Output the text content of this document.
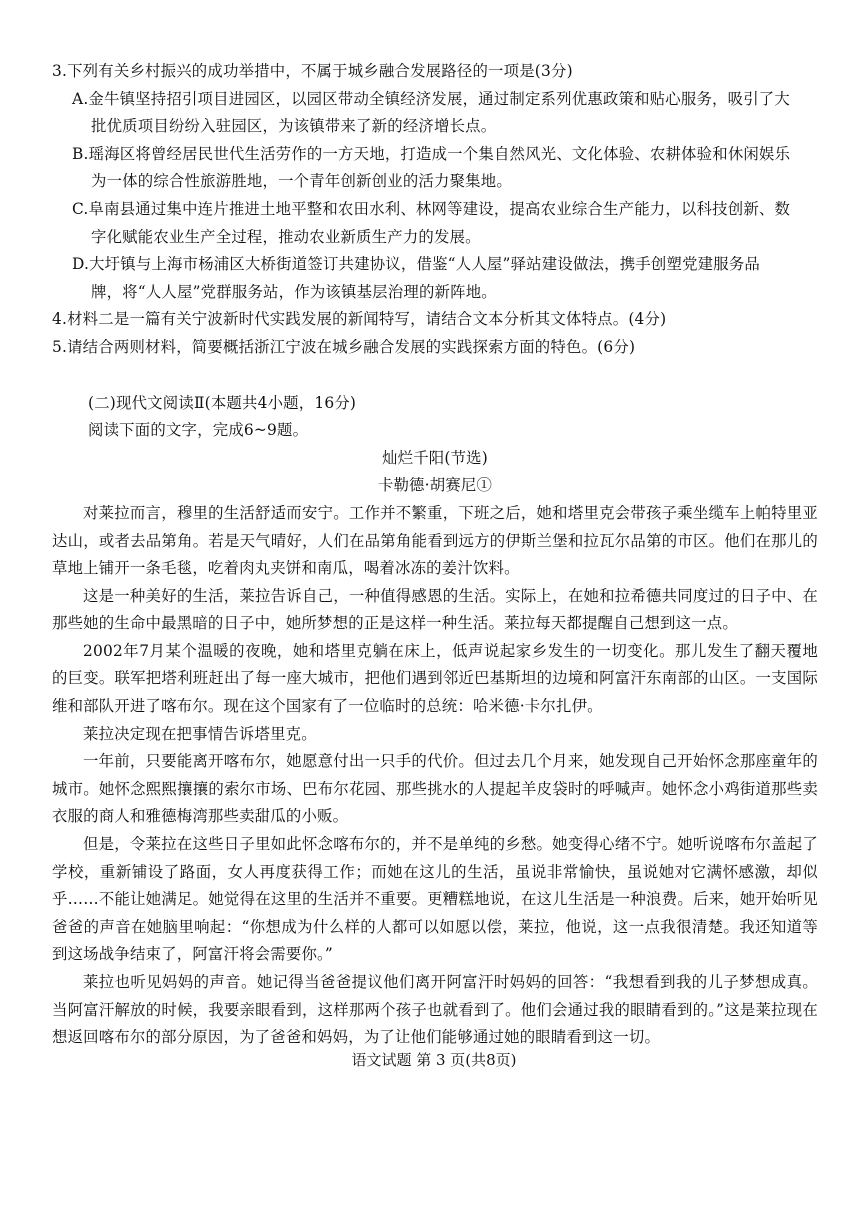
3.下列有关乡村振兴的成功举措中，不属于城乡融合发展路径的一项是(3分)
A.金牛镇坚持招引项目进园区，以园区带动全镇经济发展，通过制定系列优惠政策和贴心服务，吸引了大
批优质项目纷纷入驻园区，为该镇带来了新的经济增长点。
B.瑶海区将曾经居民世代生活劳作的一方天地，打造成一个集自然风光、文化体验、农耕体验和休闲娱乐
为一体的综合性旅游胜地，一个青年创新创业的活力聚集地。
C.阜南县通过集中连片推进土地平整和农田水利、林网等建设，提高农业综合生产能力，以科技创新、数
字化赋能农业生产全过程，推动农业新质生产力的发展。
D.大圩镇与上海市杨浦区大桥街道签订共建协议，借鉴“人人屋”驿站建设做法，携手创塑党建服务品
牌，将“人人屋”党群服务站，作为该镇基层治理的新阵地。
4.材料二是一篇有关宁波新时代实践发展的新闻特写，请结合文本分析其文体特点。(4分)
5.请结合两则材料，简要概括浙江宁波在城乡融合发展的实践探索方面的特色。(6分)
(二)现代文阅读Ⅱ(本题共4小题，16分)
阅读下面的文字，完成6~9题。
灿烂千阳(节选)
卡勒德·胡赛尼①

对莱拉而言，穆里的生活舒适而安宁。工作并不繁重，下班之后，她和塔里克会带孩子乘坐缆车上帕特里亚达山，或者去品第角。若是天气晴好，人们在品第角能看到远方的伊斯兰堡和拉瓦尔品第的市区。他们在那儿的草地上铺开一条毛毯，吃着肉丸夹饼和南瓜，喝着冰冻的姜汁饮料。

这是一种美好的生活，莱拉告诉自己，一种值得感恩的生活。实际上，在她和拉希德共同度过的日子中、在那些她的生命中最黑暗的日子中，她所梦想的正是这样一种生活。莱拉每天都提醒自己想到这一点。

2002年7月某个温暖的夜晚，她和塔里克躺在床上，低声说起家乡发生的一切变化。那儿发生了翻天覆地的巨变。联军把塔利班赶出了每一座大城市，把他们遇到邻近巴基斯坦的边境和阿富汗东南部的山区。一支国际维和部队开进了喀布尔。现在这个国家有了一位临时的总统：哈米德·卡尔扎伊。

莱拉决定现在把事情告诉塔里克。

一年前，只要能离开喀布尔，她愿意付出一只手的代价。但过去几个月来，她发现自己开始怀念那座童年的城市。她怀念熙熙攘攘的索尔市场、巴布尔花园、那些挑水的人提起羊皮袋时的呼喊声。她怀念小鸡街道那些卖衣服的商人和雅德梅湾那些卖甜瓜的小贩。

但是，令莱拉在这些日子里如此怀念喀布尔的，并不是单纯的乡愁。她变得心绪不宁。她听说喀布尔盖起了学校，重新铺设了路面，女人再度获得工作；而她在这儿的生活，虽说非常愉快，虽说她对它满怀感激，却似乎……不能让她满足。她觉得在这里的生活并不重要。更糟糕地说，在这儿生活是一种浪费。后来，她开始听见爸爸的声音在她脑里响起：“你想成为什么样的人都可以如愿以偿，莱拉，他说，这一点我很清楚。我还知道等到这场战争结束了，阿富汗将会需要你。”

莱拉也听见妈妈的声音。她记得当爸爸提议他们离开阿富汗时妈妈的回答：“我想看到我的儿子梦想成真。当阿富汗解放的时候，我要亲眼看到，这样那两个孩子也就看到了。他们会通过我的眼睛看到的。”这是莱拉现在想返回喀布尔的部分原因，为了爸爸和妈妈，为了让他们能够通过她的眼睛看到这一切。

语文试题 第 3 页(共8页)
